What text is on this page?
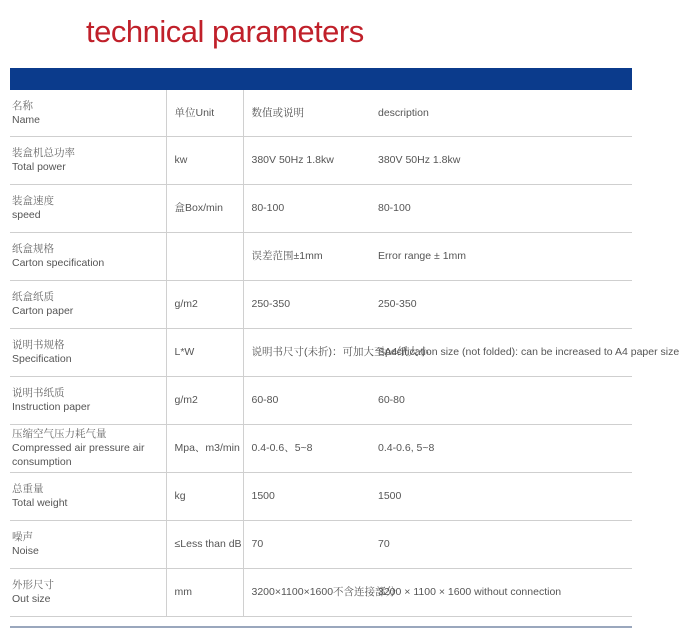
technical parameters
名称
Name	单位Unit	数值或说明	description

装盒机总功率
Total power	kw	380V 50Hz 1.8kw	380V 50Hz 1.8kw

装盒速度
speed	盒Box/min	80-100	80-100

纸盒规格
Carton specification		误差范围±1mm	Error range ± 1mm

纸盒纸质
Carton paper	g/m2	250-350	250-350

说明书规格
Specification	L*W	说明书尺寸(未折)：可加大至A4纸大小	Specification size (not folded): can be increased to A4 paper size

说明书纸质
Instruction paper	g/m2	60-80	60-80

压缩空气压力耗气量
Compressed air pressure air consumption	Mpa、m3/min	0.4-0.6、5~8	0.4-0.6, 5~8

总重量
Total weight	kg	1500	1500

噪声
Noise	≤Less than dB	70	70

外形尺寸
Out size	mm	3200×1100×1600不含连接部分	3200 × 1100 × 1600 without connection
